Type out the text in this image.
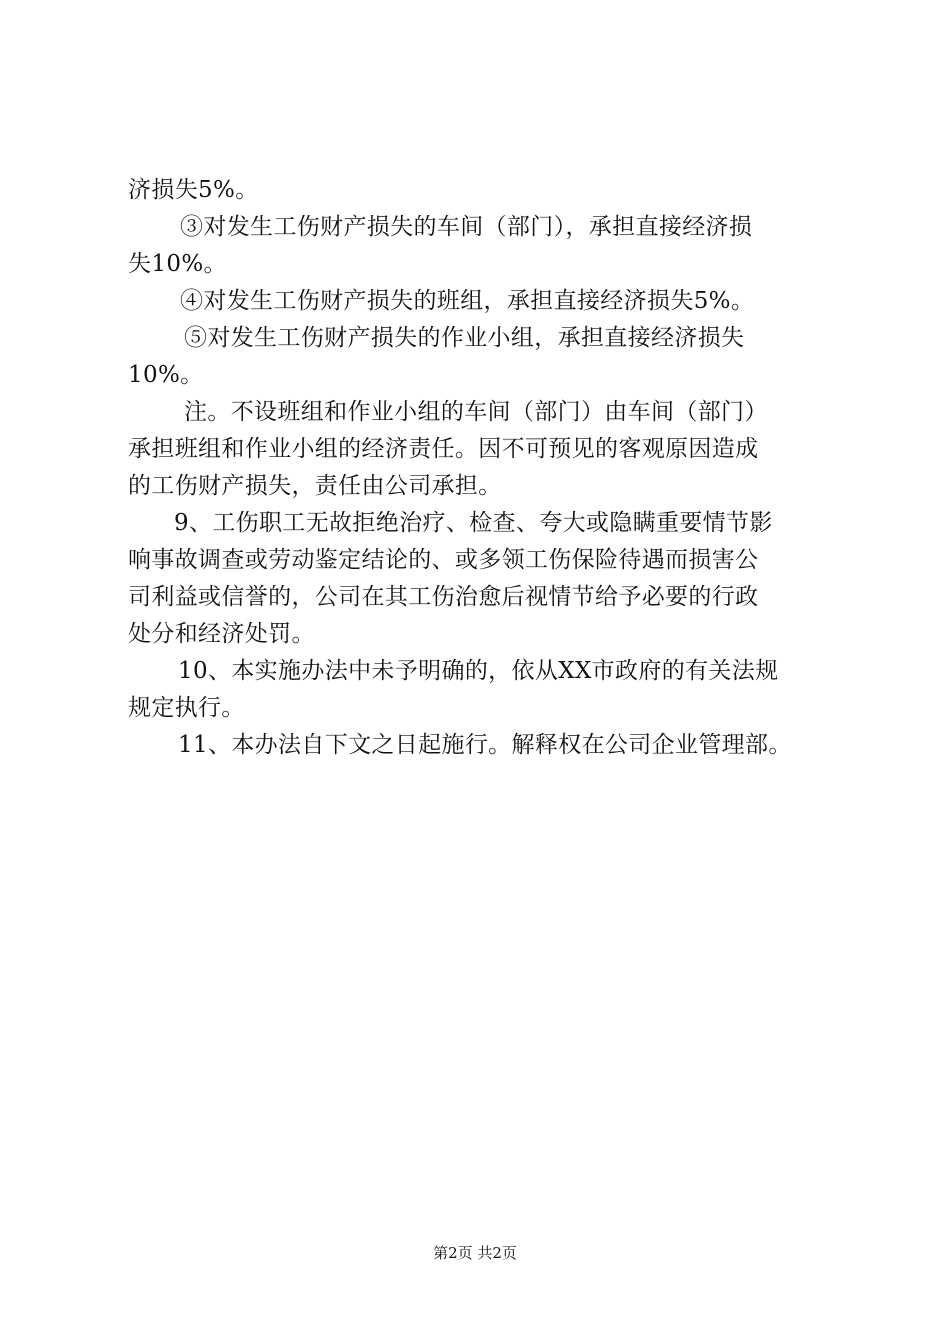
济损失5%。
③对发生工伤财产损失的车间（部门），承担直接经济损
失10%。
④对发生工伤财产损失的班组，承担直接经济损失5%。
⑤对发生工伤财产损失的作业小组，承担直接经济损失
10%。
注。不设班组和作业小组的车间（部门）由车间（部门）
承担班组和作业小组的经济责任。因不可预见的客观原因造成
的工伤财产损失，责任由公司承担。
9、工伤职工无故拒绝治疗、检查、夸大或隐瞒重要情节影
响事故调查或劳动鉴定结论的、或多领工伤保险待遇而损害公
司利益或信誉的，公司在其工伤治愈后视情节给予必要的行政
处分和经济处罚。
10、本实施办法中未予明确的，依从XX市政府的有关法规
规定执行。
11、本办法自下文之日起施行。解释权在公司企业管理部。
第2页 共2页
